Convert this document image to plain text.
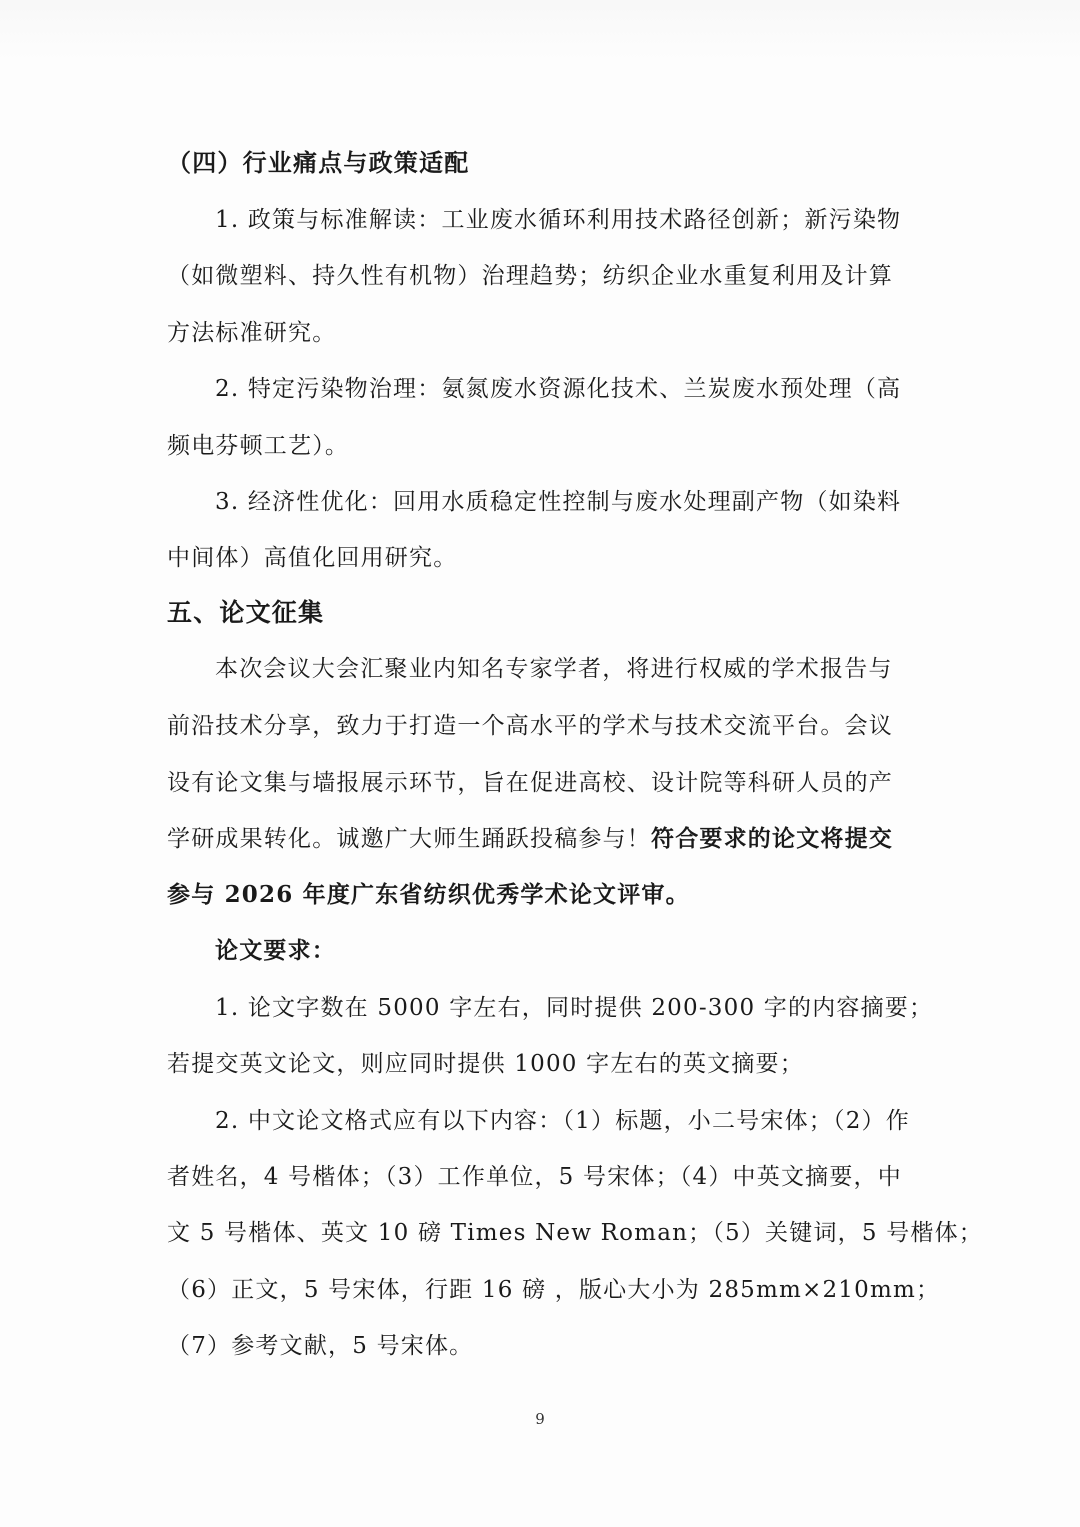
（四）行业痛点与政策适配
1. 政策与标准解读：工业废水循环利用技术路径创新；新污染物
（如微塑料、持久性有机物）治理趋势；纺织企业水重复利用及计算
方法标准研究。
2. 特定污染物治理：氨氮废水资源化技术、兰炭废水预处理（高
频电芬顿工艺）。
3. 经济性优化：回用水质稳定性控制与废水处理副产物（如染料
中间体）高值化回用研究。
五、论文征集
本次会议大会汇聚业内知名专家学者，将进行权威的学术报告与
前沿技术分享，致力于打造一个高水平的学术与技术交流平台。会议
设有论文集与墙报展示环节，旨在促进高校、设计院等科研人员的产
学研成果转化。诚邀广大师生踊跃投稿参与！符合要求的论文将提交
参与 2026 年度广东省纺织优秀学术论文评审。
论文要求：
1. 论文字数在 5000 字左右，同时提供 200-300 字的内容摘要；
若提交英文论文，则应同时提供 1000 字左右的英文摘要；
2. 中文论文格式应有以下内容：（1）标题，小二号宋体；（2）作
者姓名，4 号楷体；（3）工作单位，5 号宋体；（4）中英文摘要，中
文 5 号楷体、英文 10 磅 Times New Roman；（5）关键词，5 号楷体；
（6）正文，5 号宋体，行距 16 磅 ，版心大小为 285mm×210mm；
（7）参考文献，5 号宋体。
9
